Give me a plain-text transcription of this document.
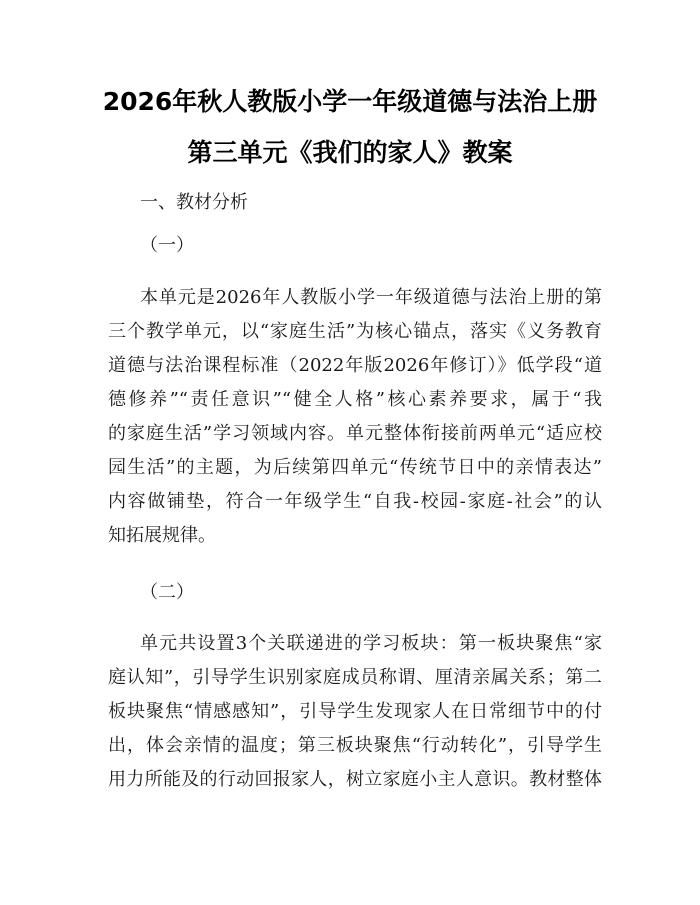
2026年秋人教版小学一年级道德与法治上册
第三单元《我们的家人》教案
一、教材分析
（一）
本单元是2026年人教版小学一年级道德与法治上册的第
三个教学单元，以“家庭生活”为核心锚点，落实《义务教育
道德与法治课程标准（2022年版2026年修订）》低学段“道
德修养”“责任意识”“健全人格”核心素养要求，属于“我
的家庭生活”学习领域内容。单元整体衔接前两单元“适应校
园生活”的主题，为后续第四单元“传统节日中的亲情表达”
内容做铺垫，符合一年级学生“自我-校园-家庭-社会”的认
知拓展规律。
（二）
单元共设置3个关联递进的学习板块：第一板块聚焦“家
庭认知”，引导学生识别家庭成员称谓、厘清亲属关系；第二
板块聚焦“情感感知”，引导学生发现家人在日常细节中的付
出，体会亲情的温度；第三板块聚焦“行动转化”，引导学生
用力所能及的行动回报家人，树立家庭小主人意识。教材整体
